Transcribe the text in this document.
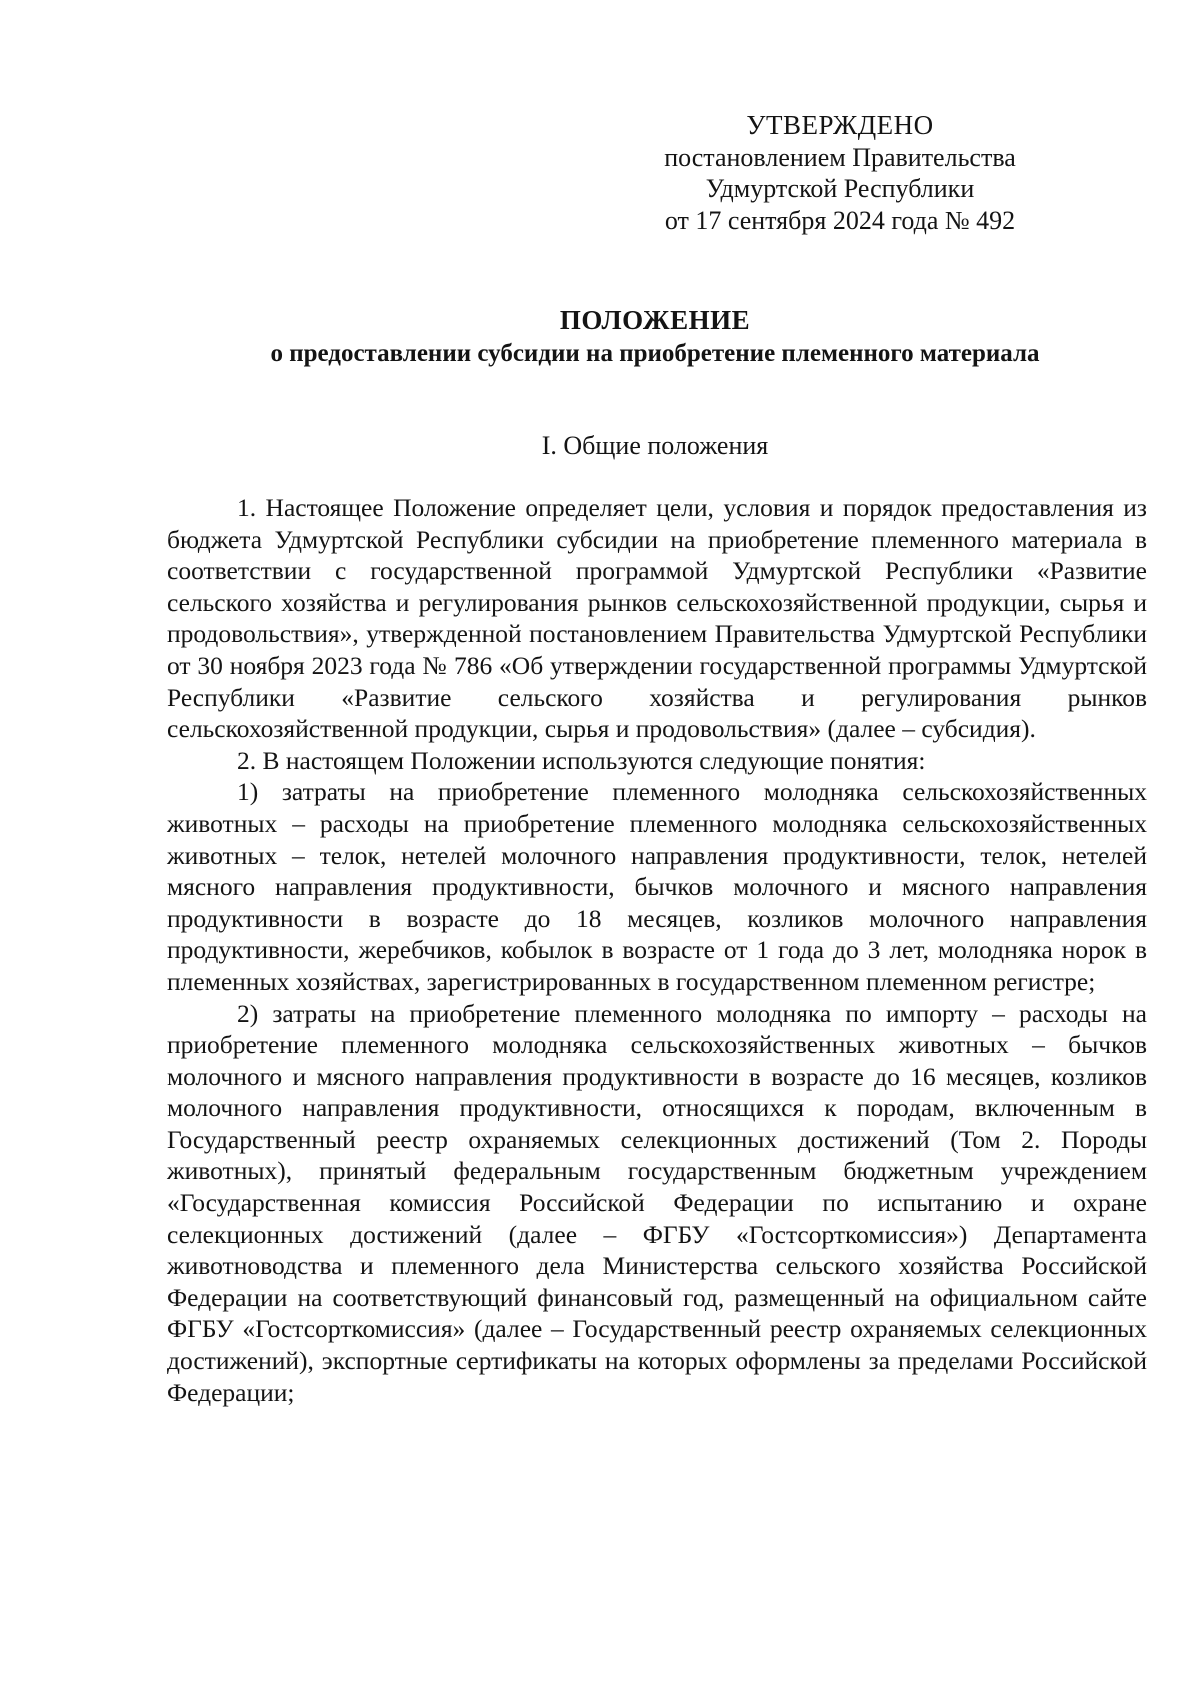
УТВЕРЖДЕНО
постановлением Правительства
Удмуртской Республики
от 17 сентября 2024 года № 492
ПОЛОЖЕНИЕ
о предоставлении субсидии на приобретение племенного материала
I. Общие положения

1. Настоящее Положение определяет цели, условия и порядок предоставления из бюджета Удмуртской Республики субсидии на приобретение племенного материала в соответствии с государственной программой Удмуртской Республики «Развитие сельского хозяйства и регулирования рынков сельскохозяйственной продукции, сырья и продовольствия», утвержденной постановлением Правительства Удмуртской Республики от 30 ноября 2023 года № 786 «Об утверждении государственной программы Удмуртской Республики «Развитие сельского хозяйства и регулирования рынков сельскохозяйственной продукции, сырья и продовольствия» (далее – субсидия).

2. В настоящем Положении используются следующие понятия:

1) затраты на приобретение племенного молодняка сельскохозяйственных животных – расходы на приобретение племенного молодняка сельскохозяйственных животных – телок, нетелей молочного направления продуктивности, телок, нетелей мясного направления продуктивности, бычков молочного и мясного направления продуктивности в возрасте до 18 месяцев, козликов молочного направления продуктивности, жеребчиков, кобылок в возрасте от 1 года до 3 лет, молодняка норок в племенных хозяйствах, зарегистрированных в государственном племенном регистре;

2) затраты на приобретение племенного молодняка по импорту – расходы на приобретение племенного молодняка сельскохозяйственных животных – бычков молочного и мясного направления продуктивности в возрасте до 16 месяцев, козликов молочного направления продуктивности, относящихся к породам, включенным в Государственный реестр охраняемых селекционных достижений (Том 2. Породы животных), принятый федеральным государственным бюджетным учреждением «Государственная комиссия Российской Федерации по испытанию и охране селекционных достижений (далее – ФГБУ «Гостсорткомиссия») Департамента животноводства и племенного дела Министерства сельского хозяйства Российской Федерации на соответствующий финансовый год, размещенный на официальном сайте ФГБУ «Гостсорткомиссия» (далее – Государственный реестр охраняемых селекционных достижений), экспортные сертификаты на которых оформлены за пределами Российской Федерации;
